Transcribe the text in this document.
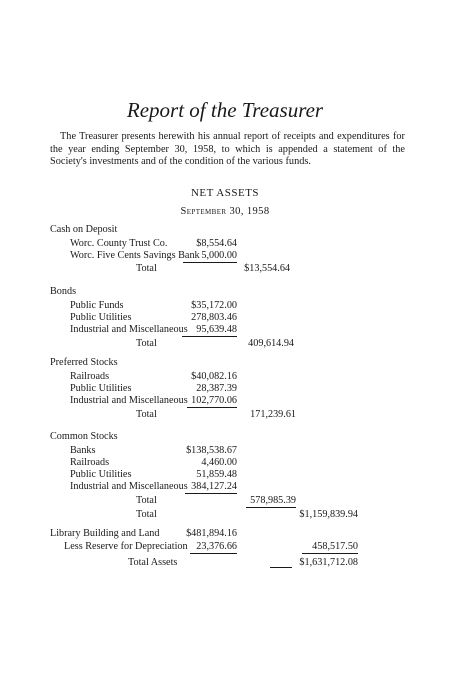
Report of the Treasurer
The Treasurer presents herewith his annual report of receipts and expenditures for the year ending September 30, 1958, to which is appended a statement of the Society's investments and of the condition of the various funds.
NET ASSETS
September 30, 1958
Cash on Deposit
Worc. County Trust Co.	$8,554.64
Worc. Five Cents Savings Bank 5,000.00
Total	$13,554.64
Bonds
Public Funds	$35,172.00
Public Utilities	278,803.46
Industrial and Miscellaneous 95,639.48
Total	409,614.94
Preferred Stocks
Railroads	$40,082.16
Public Utilities	28,387.39
Industrial and Miscellaneous 102,770.06
Total	171,239.61
Common Stocks
Banks	$138,538.67
Railroads	4,460.00
Public Utilities	51,859.48
Industrial and Miscellaneous 384,127.24
Total	578,985.39
Total	$1,159,839.94
Library Building and Land	$481,894.16
Less Reserve for Depreciation 23,376.66	458,517.50
Total Assets	$1,631,712.08
